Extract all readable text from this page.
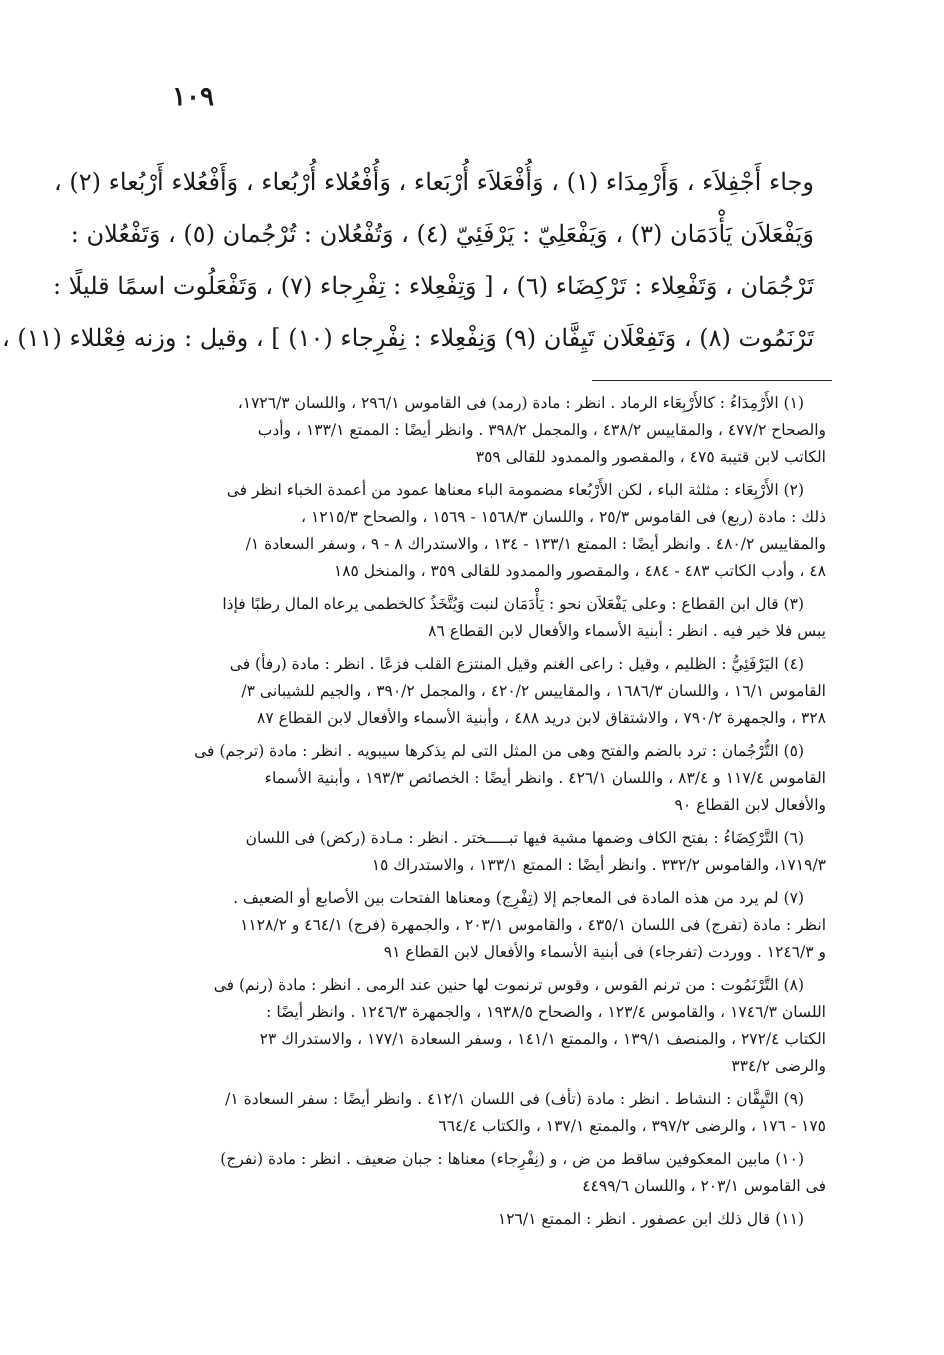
١٠٩
وجاء أَجْفِلاَء ، وَأَرْمِدَاء (١) ، وَأُفْعَلاَء أُرْبَعاء ، وَأُفْعُلاء أُرْبُعاء ، وَأَفْعُلاء أَرْبُعاء (٢) ،
وَيَفْعَلاَن يَأْدَمَان (٣) ، وَيَفْعَلِيّ : يَرْفَئِيّ (٤) ، وَتُفْعُلان : تُرْجُمان (٥) ، وَتَفْعُلان :
تَرْجُمَان ، وَتَفْعِلاء : تَرْكِضَاء (٦) ، [ وَتِفْعِلاء : تِفْرِجاء (٧) ، وَتَفْعَلُوت اسمًا قليلًا :
تَرْنَمُوت (٨) ، وَتَفِعْلَان تَيِفَّان (٩) وَنِفْعِلاء : نِفْرِجاء (١٠) ] ، وقيل : وزنه فِعْللاء (١١) ،
(١) الأَرْمِدَاءُ : كالأَرْبِعَاء الرماد . انظر : مادة (رمد) فى القاموس ٢٩٦/١ ، واللسان ١٧٢٦/٣،
والصحاح ٤٧٧/٢ ، والمقاييس ٤٣٨/٢ ، والمجمل ٣٩٨/٢ . وانظر أيضًا : الممتع ١٣٣/١ ، وأدب
الكاتب لابن قتيبة ٤٧٥ ، والمقصور والممدود للقالى ٣٥٩
(٢) الأَرْبِعَاء : مثلثة الباء ، لكن الأَرْبُعاء مضمومة الباء معناها عمود من أعمدة الخباء انظر فى
ذلك : مادة (ربع) فى القاموس ٢٥/٣ ، واللسان ١٥٦٨/٣ - ١٥٦٩ ، والصحاح ١٢١٥/٣ ،
والمقاييس ٤٨٠/٢ . وانظر أيضًا : الممتع ١٣٣/١ - ١٣٤ ، والاستدراك ٨ - ٩ ، وسفر السعادة ١/
٤٨ ، وأدب الكاتب ٤٨٣ - ٤٨٤ ، والمقصور والممدود للقالى ٣٥٩ ، والمنخل ١٨٥
(٣) قال ابن القطاع : وعلى يَفْعَلاَن نحو : يَأْدَمَان لنبت وَيُتَّخَذُ كالخطمى يرعاه المال رطبًا فإذا
يبس فلا خير فيه . انظر : أبنية الأسماء والأفعال لابن القطاع ٨٦
(٤) اليَرْفَئِيُّ : الظليم ، وقيل : راعى الغنم وقيل المنتزع القلب فزعًا . انظر : مادة (رفأ) فى
القاموس ١٦/١ ، واللسان ١٦٨٦/٣ ، والمقاييس ٤٢٠/٢ ، والمجمل ٣٩٠/٢ ، والجيم للشيبانى ٣/
٣٢٨ ، والجمهرة ٧٩٠/٢ ، والاشتقاق لابن دريد ٤٨٨ ، وأبنية الأسماء والأفعال لابن القطاع ٨٧
(٥) التُّرْجُمان : ترد بالضم والفتح وهى من المثل التى لم يذكرها سيبويه . انظر : مادة (ترجم) فى
القاموس ١١٧/٤ و ٨٣/٤ ، واللسان ٤٢٦/١ . وانظر أيضًا : الخصائص ١٩٣/٣ ، وأبنية الأسماء
والأفعال لابن القطاع ٩٠
(٦) التَّرْكِضَاءُ : بفتح الكاف وضمها مشية فيها تبـــــختر . انظر : مـادة (ركض) فى اللسان
١٧١٩/٣، والقاموس ٣٣٢/٢ . وانظر أيضًا : الممتع ١٣٣/١ ، والاستدراك ١٥
(٧) لم يرد من هذه المادة فى المعاجم إلا (تِفْرِج) ومعناها الفتحات بين الأصابع أو الضعيف .
انظر : مادة (تفرج) فى اللسان ٤٣٥/١ ، والقاموس ٢٠٣/١ ، والجمهرة (فرج) ٤٦٤/١ و ١١٢٨/٢
و ١٢٤٦/٣ . ووردت (تفرجاء) فى أبنية الأسماء والأفعال لابن القطاع ٩١
(٨) التَّرْنَمُوت : من ترنم القوس ، وقوس ترنموت لها حنين عند الرمى . انظر : مادة (رنم) فى
اللسان ١٧٤٦/٣ ، والقاموس ١٢٣/٤ ، والصحاح ١٩٣٨/٥ ، والجمهرة ١٢٤٦/٣ . وانظر أيضًا :
الكتاب ٢٧٢/٤ ، والمنصف ١٣٩/١ ، والممتع ١٤١/١ ، وسفر السعادة ١٧٧/١ ، والاستدراك ٢٣
والرضى ٣٣٤/٢
(٩) التَّيِفَّان : النشاط . انظر : مادة (تأف) فى اللسان ٤١٢/١ . وانظر أيضًا : سفر السعادة ١/
١٧٥ - ١٧٦ ، والرضى ٣٩٧/٢ ، والممتع ١٣٧/١ ، والكتاب ٦٦٤/٤
(١٠) مابين المعكوفين ساقط من ض ، و (نِفْرِجاء) معناها : جبان ضعيف . انظر : مادة (نفرج)
فى القاموس ٢٠٣/١ ، واللسان ٤٤٩٩/٦
(١١) قال ذلك ابن عصفور . انظر : الممتع ١٢٦/١
